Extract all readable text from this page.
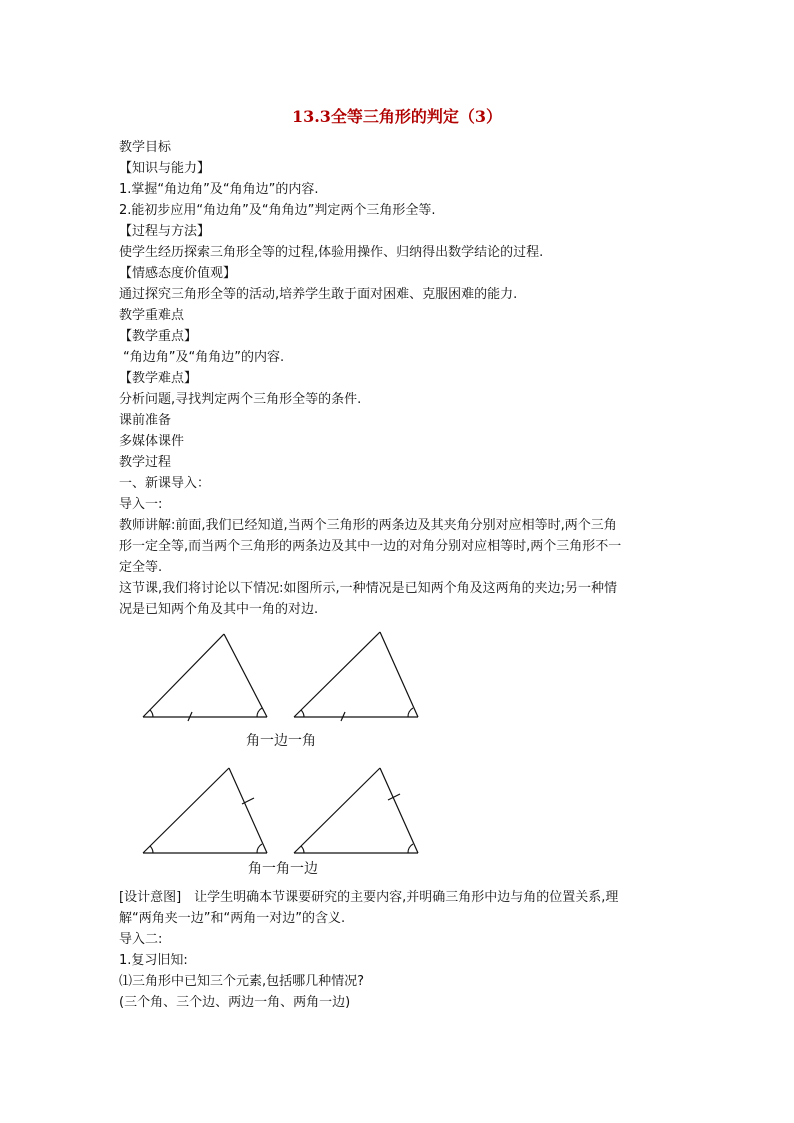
13.3全等三角形的判定（3）
教学目标
【知识与能力】
1.掌握“角边角”及“角角边”的内容.
2.能初步应用“角边角”及“角角边”判定两个三角形全等.
【过程与方法】
使学生经历探索三角形全等的过程,体验用操作、归纳得出数学结论的过程.
【情感态度价值观】
通过探究三角形全等的活动,培养学生敢于面对困难、克服困难的能力.
教学重难点
【教学重点】
“角边角”及“角角边”的内容.
【教学难点】
分析问题,寻找判定两个三角形全等的条件.
课前准备
多媒体课件
教学过程
一、新课导入：
导入一:
教师讲解:前面,我们已经知道,当两个三角形的两条边及其夹角分别对应相等时,两个三角
形一定全等,而当两个三角形的两条边及其中一边的对角分别对应相等时,两个三角形不一
定全等.
这节课,我们将讨论以下情况:如图所示,一种情况是已知两个角及这两角的夹边;另一种情
况是已知两个角及其中一角的对边.
角一边一角
角一角一边
[设计意图]　让学生明确本节课要研究的主要内容,并明确三角形中边与角的位置关系,理
解“两角夹一边”和“两角一对边”的含义.
导入二:
1.复习旧知:
⑴三角形中已知三个元素,包括哪几种情况?
(三个角、三个边、两边一角、两角一边)
